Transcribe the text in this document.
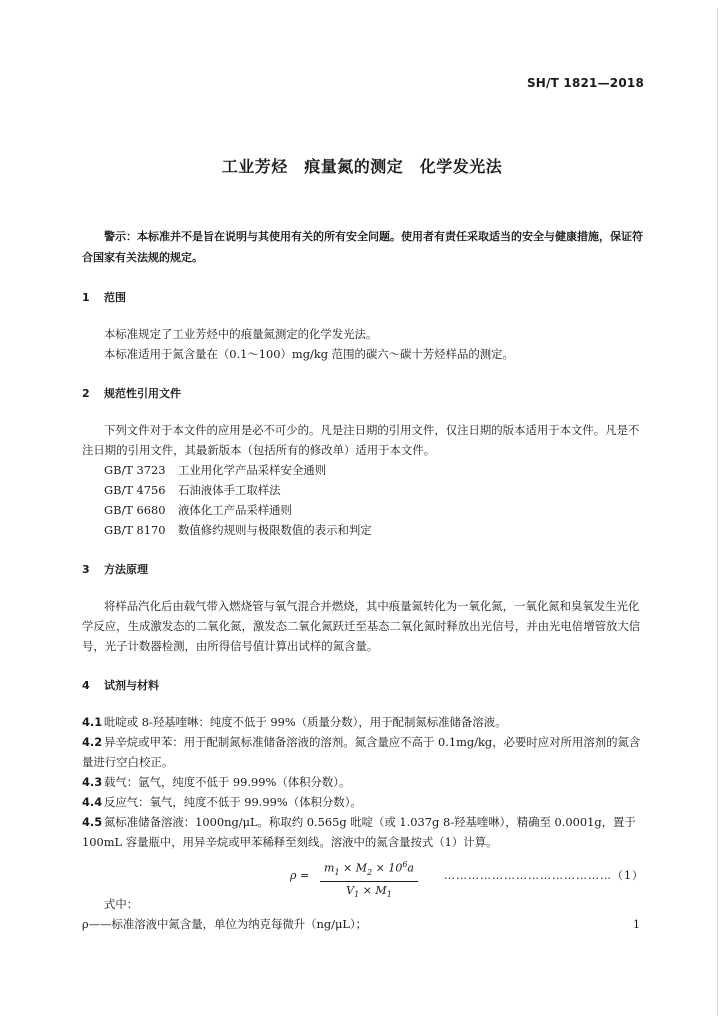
SH/T 1821—2018
工业芳烃　痕量氮的测定　化学发光法

警示：本标准并不是旨在说明与其使用有关的所有安全问题。使用者有责任采取适当的安全与健康措施，保证符合国家有关法规的规定。

1 范围

本标准规定了工业芳烃中的痕量氮测定的化学发光法。

本标准适用于氮含量在（0.1～100）mg/kg 范围的碳六～碳十芳烃样品的测定。

2 规范性引用文件

下列文件对于本文件的应用是必不可少的。凡是注日期的引用文件，仅注日期的版本适用于本文件。凡是不注日期的引用文件，其最新版本（包括所有的修改单）适用于本文件。

GB/T 3723 工业用化学产品采样安全通则
GB/T 4756 石油液体手工取样法
GB/T 6680 液体化工产品采样通则
GB/T 8170 数值修约规则与极限数值的表示和判定
3 方法原理

将样品汽化后由载气带入燃烧管与氧气混合并燃烧，其中痕量氮转化为一氧化氮，一氧化氮和臭氧发生光化学反应，生成激发态的二氧化氮，激发态二氧化氮跃迁至基态二氧化氮时释放出光信号，并由光电倍增管放大信号，光子计数器检测，由所得信号值计算出试样的氮含量。

4 试剂与材料

4.1 吡啶或 8-羟基喹啉：纯度不低于 99%（质量分数），用于配制氮标准储备溶液。

4.2 异辛烷或甲苯：用于配制氮标准储备溶液的溶剂。氮含量应不高于 0.1mg/kg，必要时应对所用溶剂的氮含量进行空白校正。

4.3 载气：氩气，纯度不低于 99.99%（体积分数）。

4.4 反应气：氧气，纯度不低于 99.99%（体积分数）。

4.5 氮标准储备溶液：1000ng/μL。称取约 0.565g 吡啶（或 1.037g 8-羟基喹啉），精确至 0.0001g，置于 100mL 容量瓶中，用异辛烷或甲苯稀释至刻线。溶液中的氮含量按式（1）计算。

ρ =
$m_1 \times M_2 \times 10^6a$
$V_1 \times M_1$
……………………………………（1）

式中：

ρ——标准溶液中氮含量，单位为纳克每微升（ng/μL）；	1
